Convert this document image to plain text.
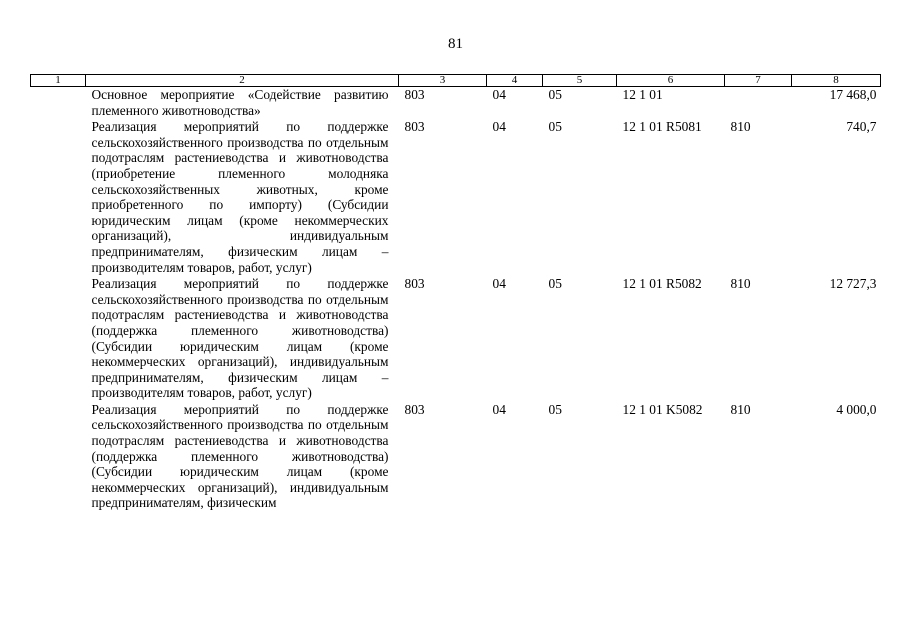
81
1	2	3	4	5	6	7	8
	Основное мероприятие «Содействие развитию племенного животноводства»	803	04	05	12 1 01		17 468,0
	Реализация мероприятий по поддержке сельскохозяйственного производства по отдельным подотраслям растениеводства и животноводства (приобретение племенного молодняка сельскохозяйственных животных, кроме приобретенного по импорту) (Субсидии юридическим лицам (кроме некоммерческих организаций), индивидуальным предпринимателям, физическим лицам – производителям товаров, работ, услуг)	803	04	05	12 1 01 R5081	810	740,7
	Реализация мероприятий по поддержке сельскохозяйственного производства по отдельным подотраслям растениеводства и животноводства (поддержка племенного животноводства) (Субсидии юридическим лицам (кроме некоммерческих организаций), индивидуальным предпринимателям, физическим лицам – производителям товаров, работ, услуг)	803	04	05	12 1 01 R5082	810	12 727,3
	Реализация мероприятий по поддержке сельскохозяйственного производства по отдельным подотраслям растениеводства и животноводства (поддержка племенного животноводства) (Субсидии юридическим лицам (кроме некоммерческих организаций), индивидуальным предпринимателям, физическим	803	04	05	12 1 01 K5082	810	4 000,0
